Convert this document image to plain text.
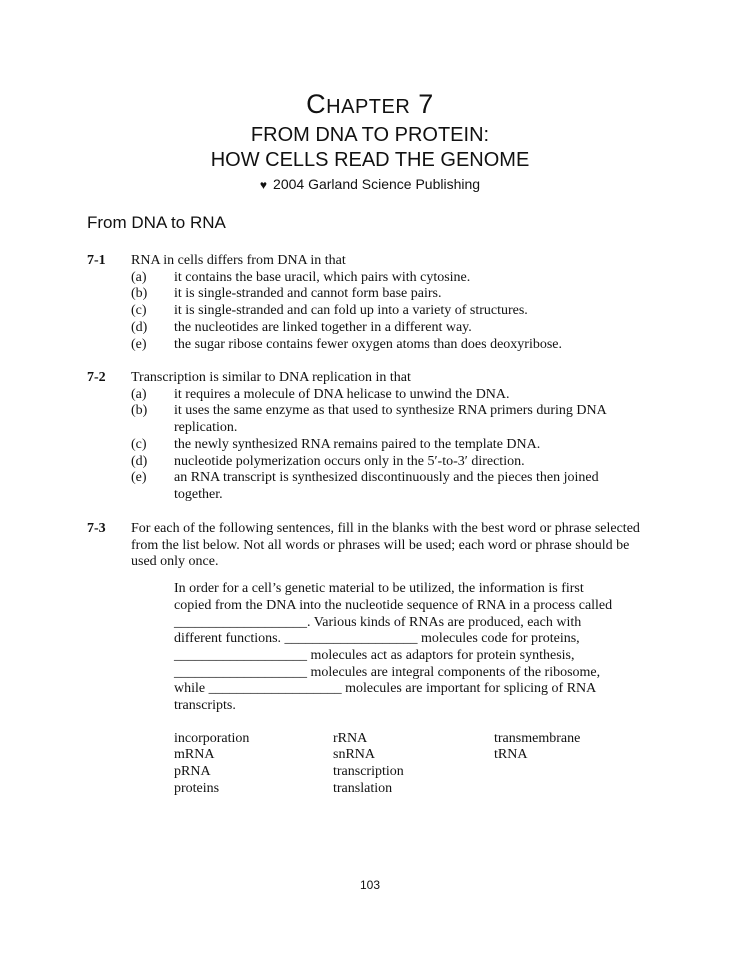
CHAPTER 7
FROM DNA TO PROTEIN:
HOW CELLS READ THE GENOME
♥ 2004 Garland Science Publishing
From DNA to RNA
7-1 RNA in cells differs from DNA in that
(a) it contains the base uracil, which pairs with cytosine.
(b) it is single-stranded and cannot form base pairs.
(c) it is single-stranded and can fold up into a variety of structures.
(d) the nucleotides are linked together in a different way.
(e) the sugar ribose contains fewer oxygen atoms than does deoxyribose.
7-2 Transcription is similar to DNA replication in that
(a) it requires a molecule of DNA helicase to unwind the DNA.
(b) it uses the same enzyme as that used to synthesize RNA primers during DNA replication.
(c) the newly synthesized RNA remains paired to the template DNA.
(d) nucleotide polymerization occurs only in the 5′-to-3′ direction.
(e) an RNA transcript is synthesized discontinuously and the pieces then joined together.
7-3 For each of the following sentences, fill in the blanks with the best word or phrase selected from the list below. Not all words or phrases will be used; each word or phrase should be used only once.
In order for a cell’s genetic material to be utilized, the information is first copied from the DNA into the nucleotide sequence of RNA in a process called ___________________. Various kinds of RNAs are produced, each with different functions. ___________________ molecules code for proteins, ___________________ molecules act as adaptors for protein synthesis, ___________________ molecules are integral components of the ribosome, while ___________________ molecules are important for splicing of RNA transcripts.
incorporation	rRNA	transmembrane
mRNA	snRNA	tRNA
pRNA	transcription
proteins	translation
103
